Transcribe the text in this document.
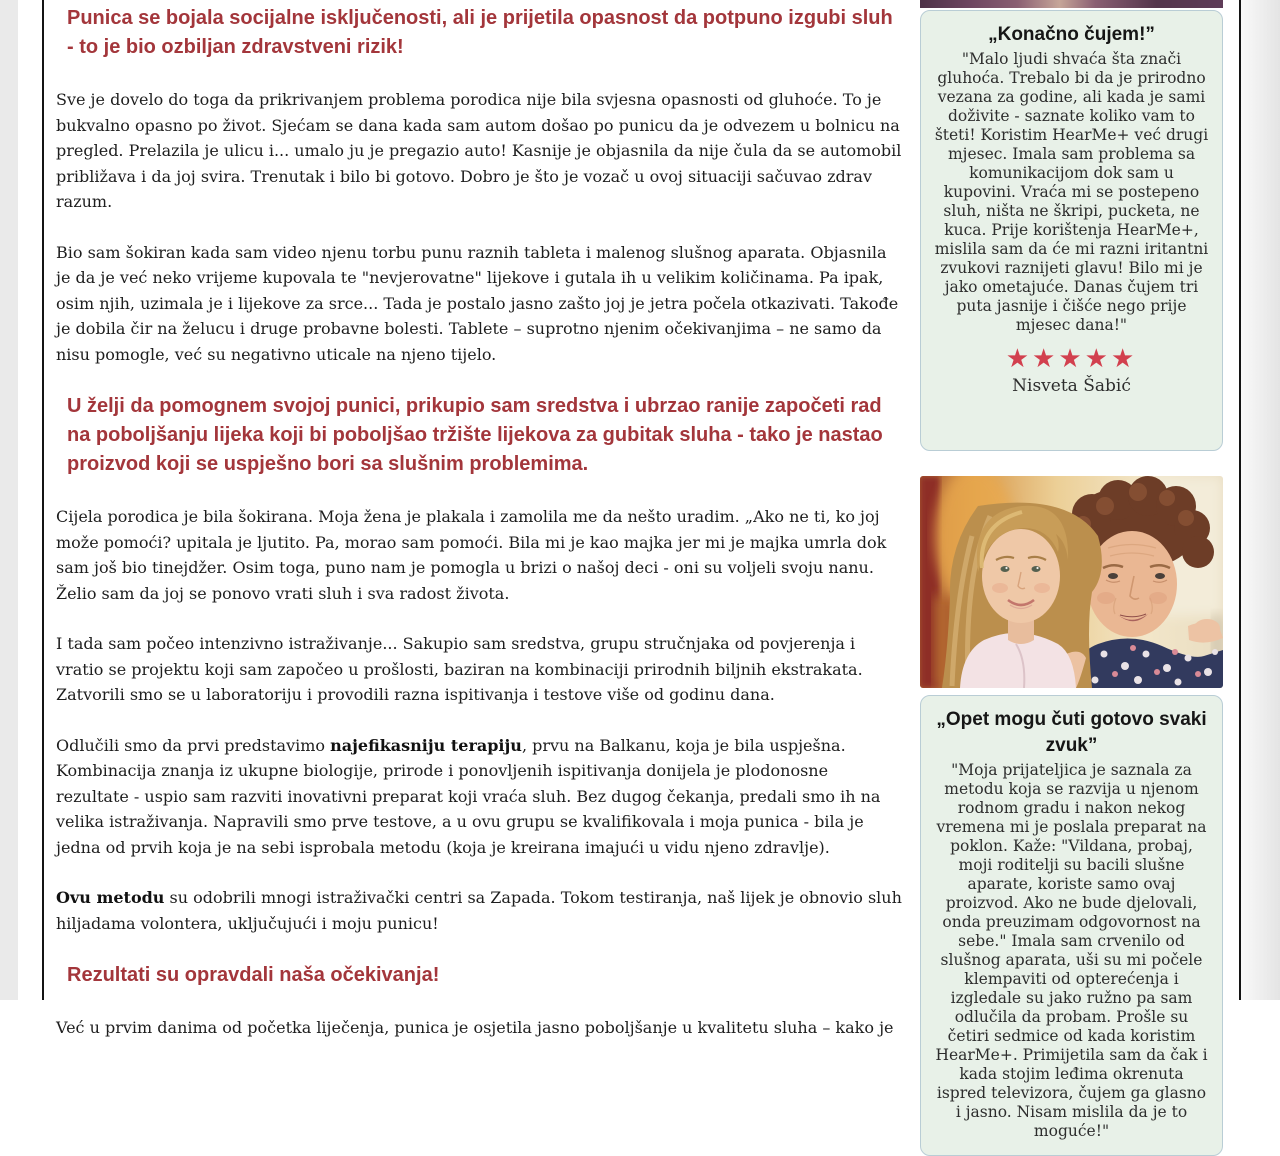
Punica se bojala socijalne isključenosti, ali je prijetila opasnost da potpuno izgubi sluh - to je bio ozbiljan zdravstveni rizik!

Sve je dovelo do toga da prikrivanjem problema porodica nije bila svjesna opasnosti od gluhoće. To je bukvalno opasno po život. Sjećam se dana kada sam autom došao po punicu da je odvezem u bolnicu na pregled. Prelazila je ulicu i... umalo ju je pregazio auto! Kasnije je objasnila da nije čula da se automobil približava i da joj svira. Trenutak i bilo bi gotovo. Dobro je što je vozač u ovoj situaciji sačuvao zdrav razum.

Bio sam šokiran kada sam video njenu torbu punu raznih tableta i malenog slušnog aparata. Objasnila je da je već neko vrijeme kupovala te "nevjerovatne" lijekove i gutala ih u velikim količinama. Pa ipak, osim njih, uzimala je i lijekove za srce... Tada je postalo jasno zašto joj je jetra počela otkazivati. Takođe je dobila čir na želucu i druge probavne bolesti. Tablete – suprotno njenim očekivanjima – ne samo da nisu pomogle, već su negativno uticale na njeno tijelo.

U želji da pomognem svojoj punici, prikupio sam sredstva i ubrzao ranije započeti rad na poboljšanju lijeka koji bi poboljšao tržište lijekova za gubitak sluha - tako je nastao proizvod koji se uspješno bori sa slušnim problemima.

Cijela porodica je bila šokirana. Moja žena je plakala i zamolila me da nešto uradim. „Ako ne ti, ko joj može pomoći? upitala je ljutito. Pa, morao sam pomoći. Bila mi je kao majka jer mi je majka umrla dok sam još bio tinejdžer. Osim toga, puno nam je pomogla u brizi o našoj deci - oni su voljeli svoju nanu. Želio sam da joj se ponovo vrati sluh i sva radost života.

I tada sam počeo intenzivno istraživanje... Sakupio sam sredstva, grupu stručnjaka od povjerenja i vratio se projektu koji sam započeo u prošlosti, baziran na kombinaciji prirodnih biljnih ekstrakata. Zatvorili smo se u laboratoriju i provodili razna ispitivanja i testove više od godinu dana.

Odlučili smo da prvi predstavimo najefikasniju terapiju, prvu na Balkanu, koja je bila uspješna. Kombinacija znanja iz ukupne biologije, prirode i ponovljenih ispitivanja donijela je plodonosne rezultate - uspio sam razviti inovativni preparat koji vraća sluh. Bez dugog čekanja, predali smo ih na velika istraživanja. Napravili smo prve testove, a u ovu grupu se kvalifikovala i moja punica - bila je jedna od prvih koja je na sebi isprobala metodu (koja je kreirana imajući u vidu njeno zdravlje).

Ovu metodu su odobrili mnogi istraživački centri sa Zapada. Tokom testiranja, naš lijek je obnovio sluh hiljadama volontera, uključujući i moju punicu!

Rezultati su opravdali naša očekivanja!

Već u prvim danima od početka liječenja, punica je osjetila jasno poboljšanje u kvalitetu sluha – kako je

„Konačno čujem!”

"Malo ljudi shvaća šta znači gluhoća. Trebalo bi da je prirodno vezana za godine, ali kada je sami doživite - saznate koliko vam to šteti! Koristim HearMe+ već drugi mjesec. Imala sam problema sa komunikacijom dok sam u kupovini. Vraća mi se postepeno sluh, ništa ne škripi, pucketa, ne kuca. Prije korištenja HearMe+, mislila sam da će mi razni iritantni zvukovi raznijeti glavu! Bilo mi je jako ometajuće. Danas čujem tri puta jasnije i čišće nego prije mjesec dana!"

★★★★★
Nisveta Šabić
„Opet mogu čuti gotovo svaki zvuk”

"Moja prijateljica je saznala za metodu koja se razvija u njenom rodnom gradu i nakon nekog vremena mi je poslala preparat na poklon. Kaže: "Vildana, probaj, moji roditelji su bacili slušne aparate, koriste samo ovaj proizvod. Ako ne bude djelovali, onda preuzimam odgovornost na sebe." Imala sam crvenilo od slušnog aparata, uši su mi počele klempaviti od opterećenja i izgledale su jako ružno pa sam odlučila da probam. Prošle su četiri sedmice od kada koristim HearMe+. Primijetila sam da čak i kada stojim leđima okrenuta ispred televizora, čujem ga glasno i jasno. Nisam mislila da je to moguće!"
